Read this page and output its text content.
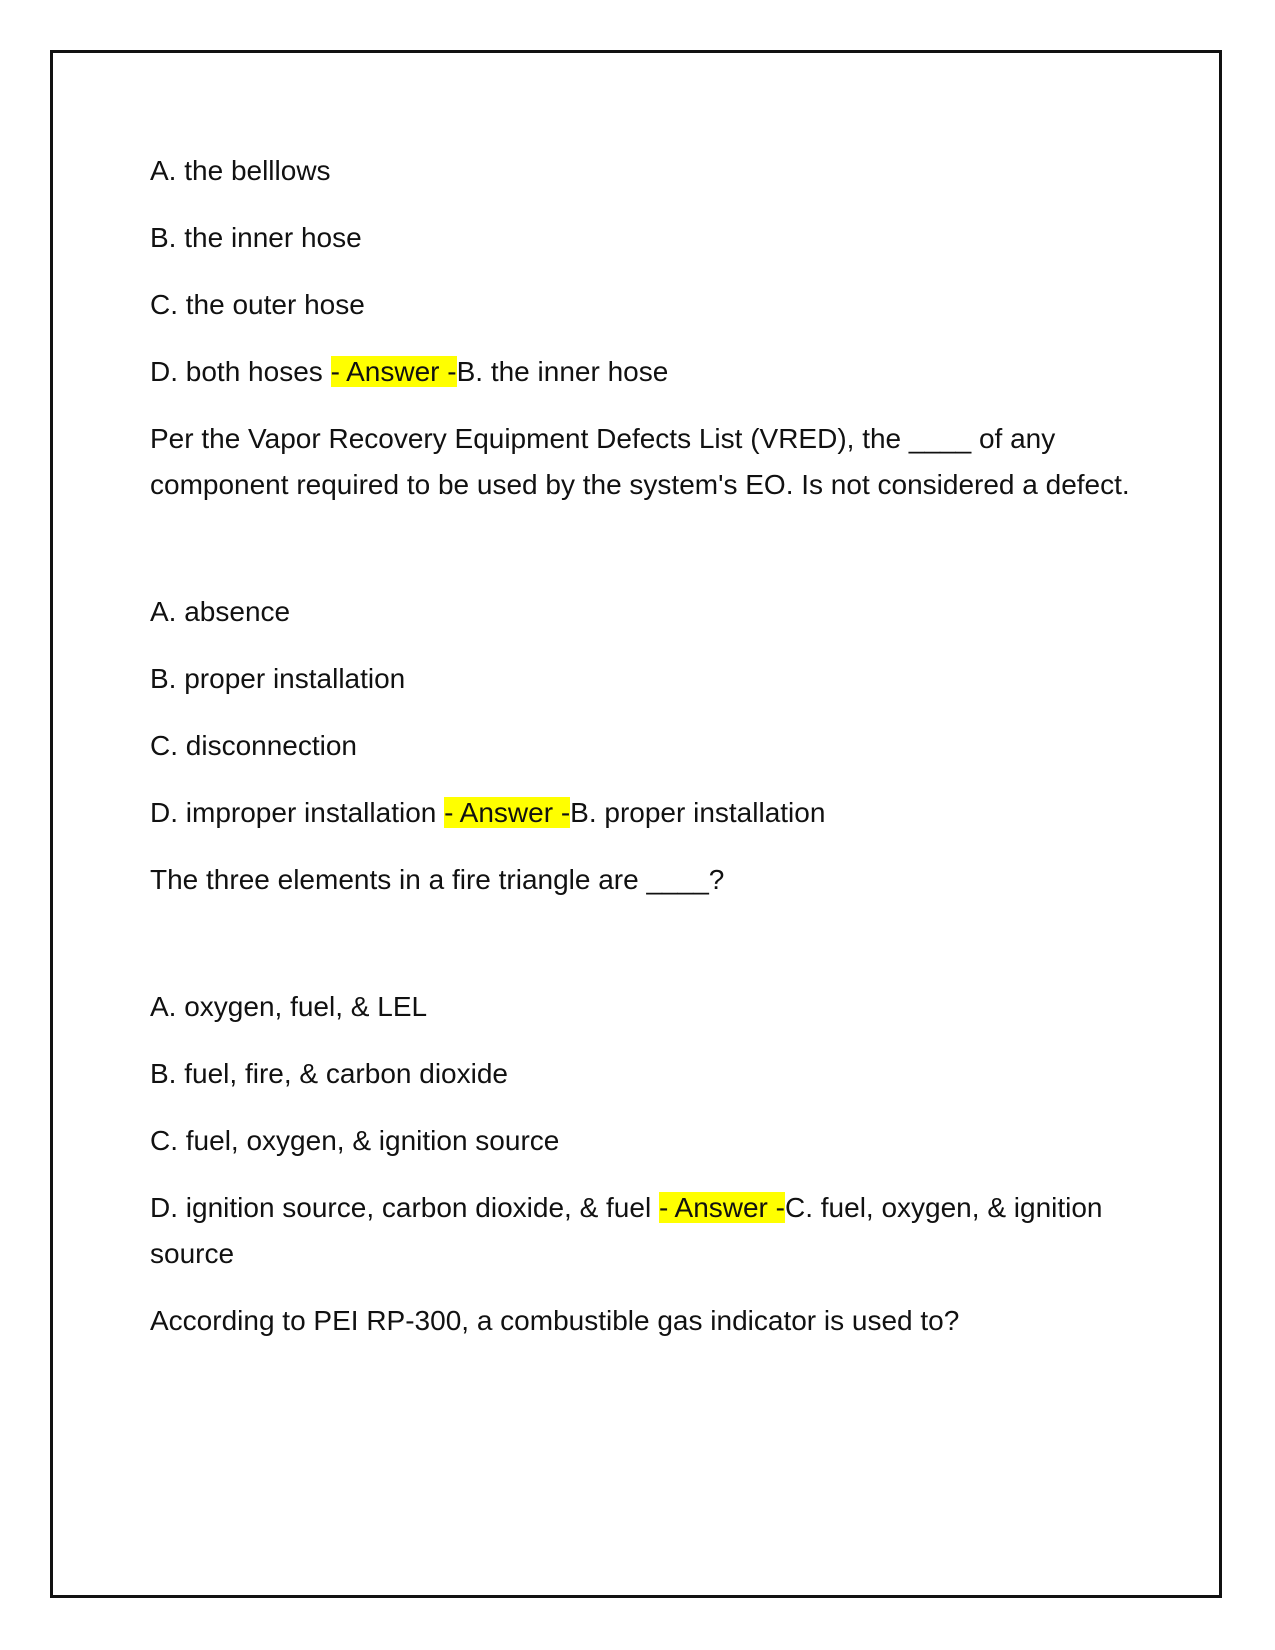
A. the belllows
B. the inner hose
C. the outer hose
D. both hoses - Answer -B. the inner hose
Per the Vapor Recovery Equipment Defects List (VRED), the ____ of any component required to be used by the system's EO. Is not considered a defect.
A. absence
B. proper installation
C. disconnection
D. improper installation - Answer -B. proper installation
The three elements in a fire triangle are ____?
A. oxygen, fuel, & LEL
B. fuel, fire, & carbon dioxide
C. fuel, oxygen, & ignition source
D. ignition source, carbon dioxide, & fuel - Answer -C. fuel, oxygen, & ignition source
According to PEI RP-300, a combustible gas indicator is used to?
